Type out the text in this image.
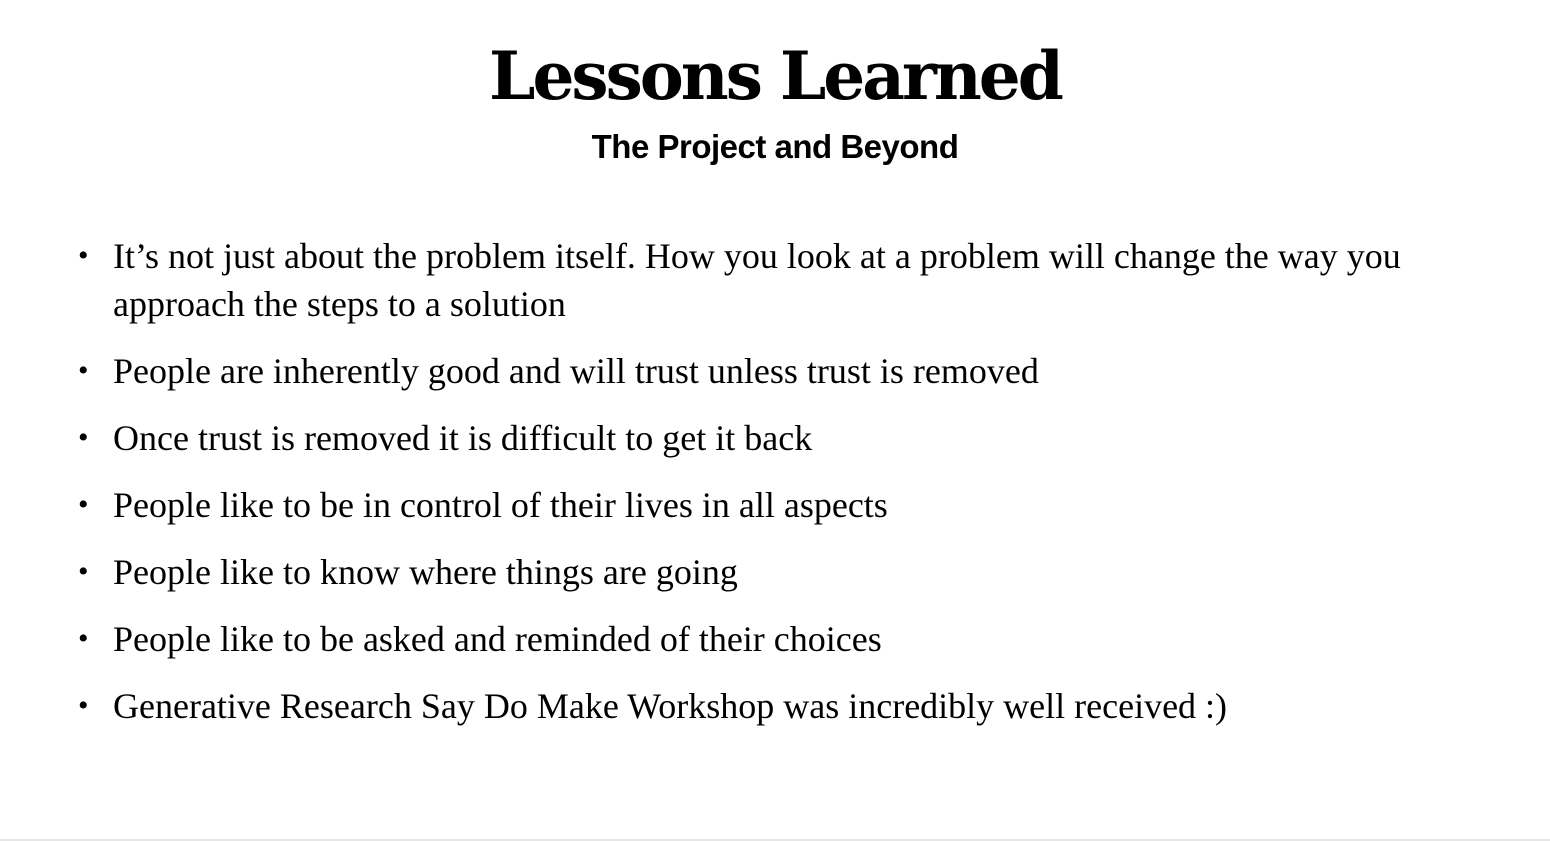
Lessons Learned
The Project and Beyond
• It’s not just about the problem itself. How you look at a problem will change the way you approach the steps to a solution
• People are inherently good and will trust unless trust is removed
• Once trust is removed it is difficult to get it back
• People like to be in control of their lives in all aspects
• People like to know where things are going
• People like to be asked and reminded of their choices
• Generative Research Say Do Make Workshop was incredibly well received :)
